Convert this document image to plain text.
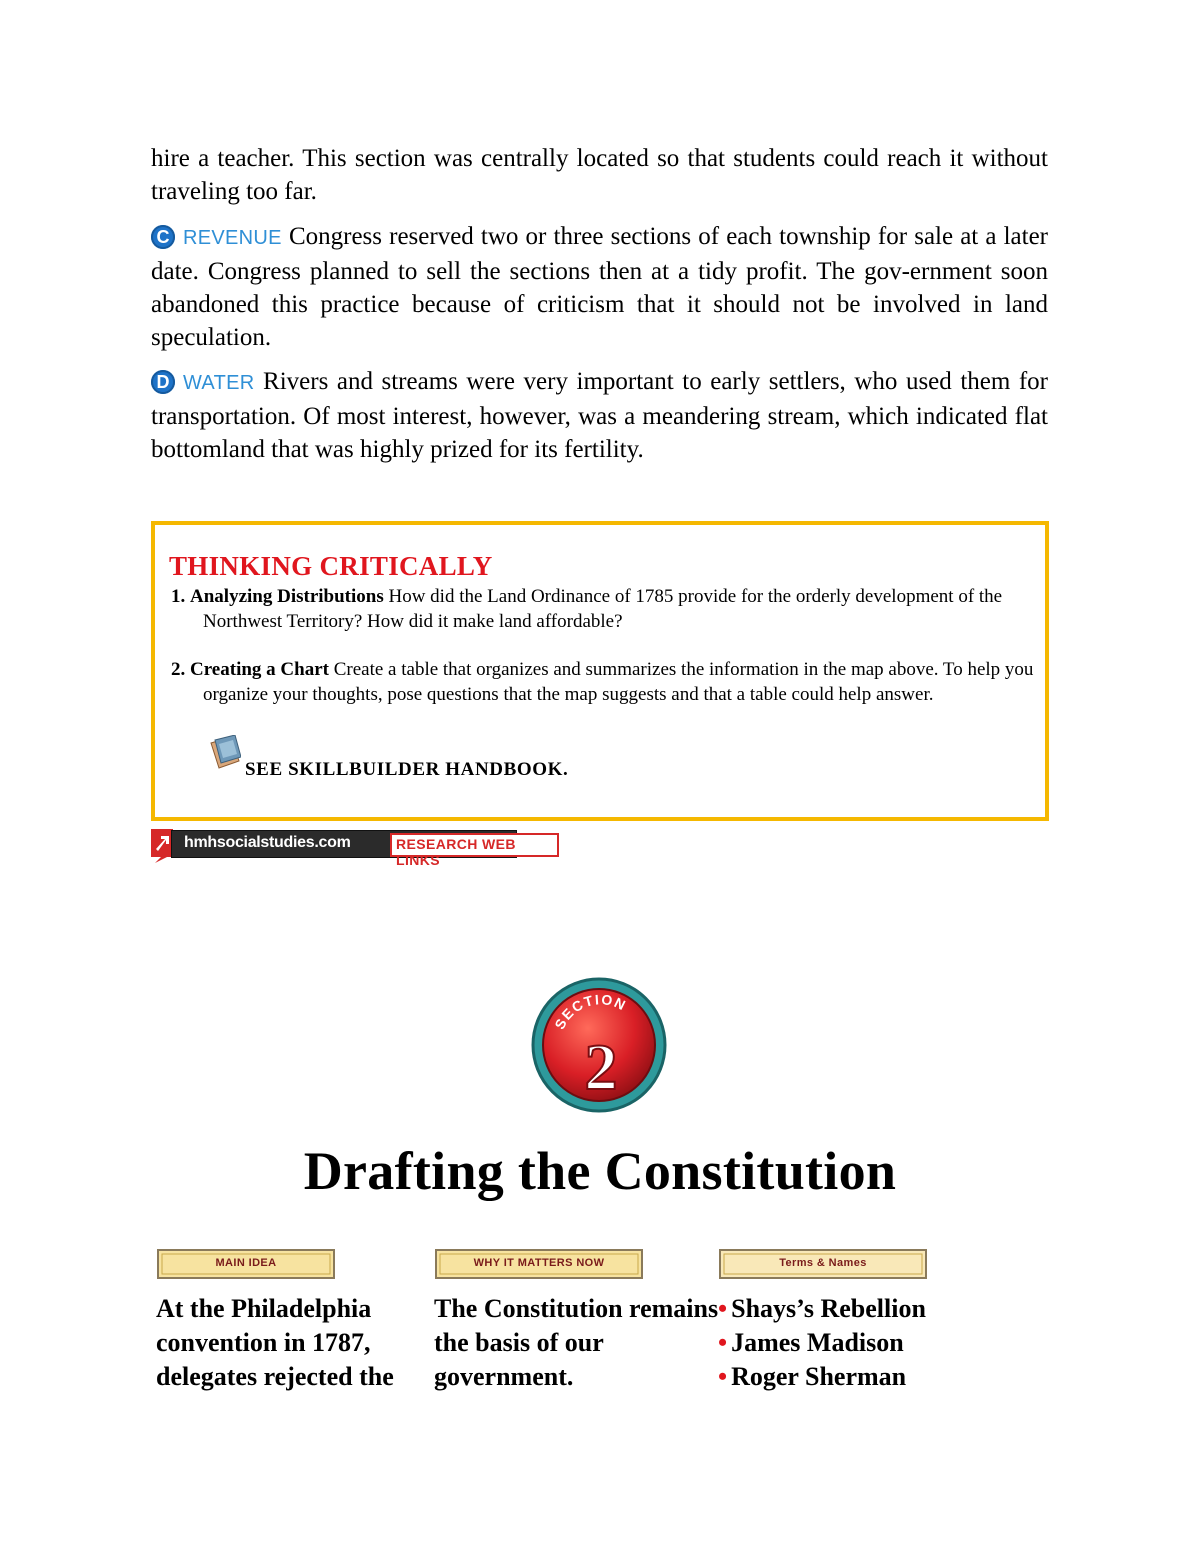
hire a teacher. This section was centrally located so that students could reach it without traveling too far.

C REVENUE Congress reserved two or three sections of each township for sale at a later date. Congress planned to sell the sections then at a tidy profit. The gov-ernment soon abandoned this practice because of criticism that it should not be involved in land speculation.

D WATER Rivers and streams were very important to early settlers, who used them for transportation. Of most interest, however, was a meandering stream, which indicated flat bottomland that was highly prized for its fertility.

THINKING CRITICALLY

1. Analyzing Distributions How did the Land Ordinance of 1785 provide for the orderly development of the Northwest Territory? How did it make land affordable?

2. Creating a Chart Create a table that organizes and summarizes the information in the map above. To help you organize your thoughts, pose questions that the map suggests and that a table could help answer.

SEE SKILLBUILDER HANDBOOK.

hmhsocialstudies.com	RESEARCH WEB LINKS

SECTION
2
Drafting the Constitution

MAIN IDEA

At the Philadelphia convention in 1787, delegates rejected the

WHY IT MATTERS NOW

The Constitution remains the basis of our government.

Terms & Names

• Shays’s Rebellion
• James Madison
• Roger Sherman
